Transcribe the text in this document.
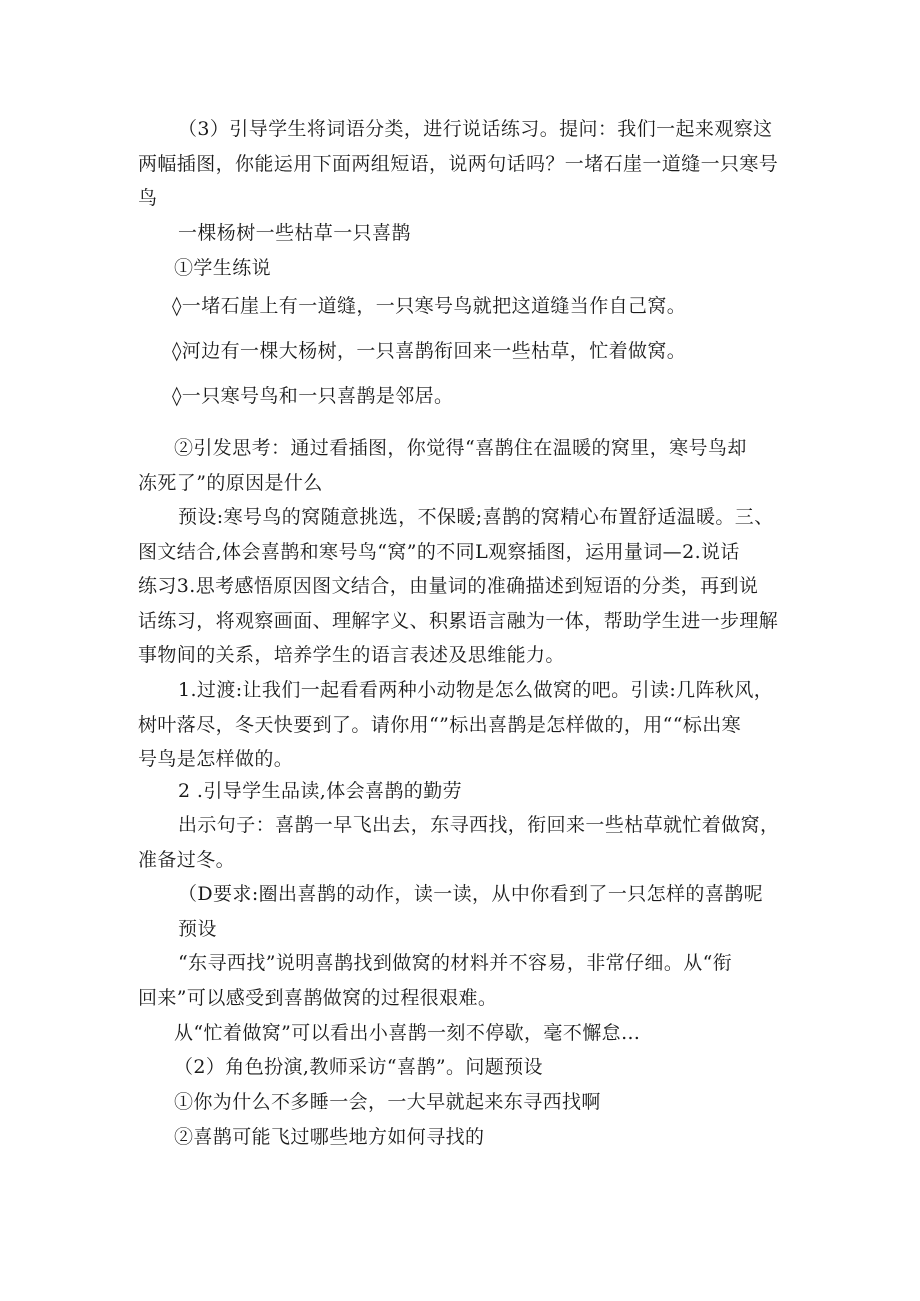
（3）引导学生将词语分类，进行说话练习。提问：我们一起来观察这
两幅插图，你能运用下面两组短语，说两句话吗？一堵石崖一道缝一只寒号
鸟
一棵杨树一些枯草一只喜鹊
①学生练说
◊一堵石崖上有一道缝，一只寒号鸟就把这道缝当作自己窝。
◊河边有一棵大杨树，一只喜鹊衔回来一些枯草，忙着做窝。
◊一只寒号鸟和一只喜鹊是邻居。
②引发思考：通过看插图，你觉得“喜鹊住在温暖的窝里，寒号鸟却
冻死了”的原因是什么
预设:寒号鸟的窝随意挑选，不保暖;喜鹊的窝精心布置舒适温暖。三、
图文结合,体会喜鹊和寒号鸟“窝”的不同L观察插图，运用量词—2.说话
练习3.思考感悟原因图文结合，由量词的准确描述到短语的分类，再到说
话练习，将观察画面、理解字义、积累语言融为一体，帮助学生进一步理解
事物间的关系，培养学生的语言表述及思维能力。
1.过渡:让我们一起看看两种小动物是怎么做窝的吧。引读:几阵秋风，
树叶落尽，冬天快要到了。请你用“”标出喜鹊是怎样做的，用““标出寒
号鸟是怎样做的。
2 .引导学生品读,体会喜鹊的勤劳
出示句子：喜鹊一早飞出去，东寻西找，衔回来一些枯草就忙着做窝，
准备过冬。
（D要求:圈出喜鹊的动作，读一读，从中你看到了一只怎样的喜鹊呢
预设
“东寻西找”说明喜鹊找到做窝的材料并不容易，非常仔细。从“衔
回来”可以感受到喜鹊做窝的过程很艰难。
从“忙着做窝”可以看出小喜鹊一刻不停歇，毫不懈怠…
（2）角色扮演,教师采访“喜鹊”。问题预设
①你为什么不多睡一会，一大早就起来东寻西找啊
②喜鹊可能飞过哪些地方如何寻找的
